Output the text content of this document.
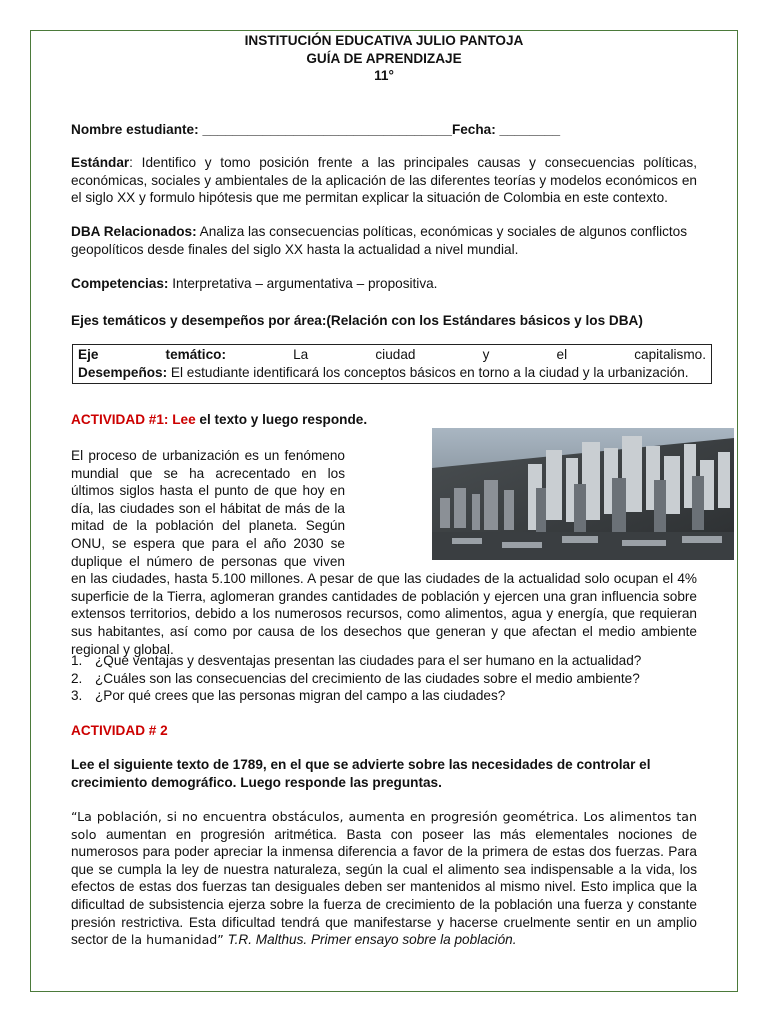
INSTITUCIÓN EDUCATIVA JULIO PANTOJA
GUÍA DE APRENDIZAJE
11°
Nombre estudiante: _________________________________Fecha: ________
Estándar: Identifico y tomo posición frente a las principales causas y consecuencias políticas, económicas, sociales y ambientales de la aplicación de las diferentes teorías y modelos económicos en el siglo XX y formulo hipótesis que me permitan explicar la situación de Colombia en este contexto.
DBA Relacionados: Analiza las consecuencias políticas, económicas y sociales de algunos conflictos geopolíticos desde finales del siglo XX hasta la actualidad a nivel mundial.
Competencias: Interpretativa – argumentativa – propositiva.
Ejes temáticos y desempeños por área:(Relación con los Estándares básicos y los DBA)
Eje temático: La ciudad y el capitalismo.
Desempeños: El estudiante identificará los conceptos básicos en torno a la ciudad y la urbanización.
ACTIVIDAD #1: Lee el texto y luego responde.
El proceso de urbanización es un fenómeno mundial que se ha acrecentado en los últimos siglos hasta el punto de que hoy en día, las ciudades son el hábitat de más de la mitad de la población del planeta. Según ONU, se espera que para el año 2030 se duplique el número de personas que viven en las ciudades, hasta 5.100 millones. A pesar de que las ciudades de la actualidad solo ocupan el 4% superficie de la Tierra, aglomeran grandes cantidades de población y ejercen una gran influencia sobre extensos territorios, debido a los numerosos recursos, como alimentos, agua y energía, que requieran sus habitantes, así como por causa de los desechos que generan y que afectan el medio ambiente regional y global.
1. ¿Qué ventajas y desventajas presentan las ciudades para el ser humano en la actualidad?
2. ¿Cuáles son las consecuencias del crecimiento de las ciudades sobre el medio ambiente?
3. ¿Por qué crees que las personas migran del campo a las ciudades?
ACTIVIDAD # 2
Lee el siguiente texto de 1789, en el que se advierte sobre las necesidades de controlar el crecimiento demográfico. Luego responde las preguntas.
“La población, si no encuentra obstáculos, aumenta en progresión geométrica. Los alimentos tan solo aumentan en progresión aritmética. Basta con poseer las más elementales nociones de numerosos para poder apreciar la inmensa diferencia a favor de la primera de estas dos fuerzas. Para que se cumpla la ley de nuestra naturaleza, según la cual el alimento sea indispensable a la vida, los efectos de estas dos fuerzas tan desiguales deben ser mantenidos al mismo nivel. Esto implica que la dificultad de subsistencia ejerza sobre la fuerza de crecimiento de la población una fuerza y constante presión restrictiva. Esta dificultad tendrá que manifestarse y hacerse cruelmente sentir en un amplio sector de la humanidad” T.R. Malthus. Primer ensayo sobre la población.
